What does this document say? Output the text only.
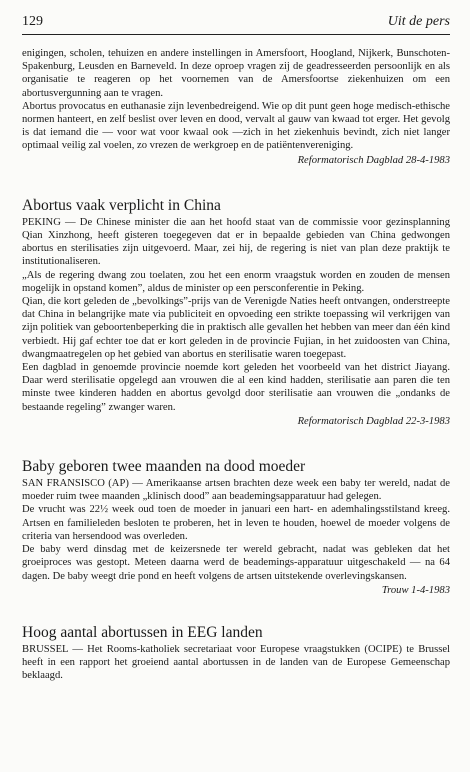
129	Uit de pers

enigingen, scholen, tehuizen en andere instellingen in Amersfoort, Hoogland, Nijkerk, Bunschoten-Spakenburg, Leusden en Barneveld. In deze oproep vragen zij de geadresseerden persoonlijk en als organisatie te reageren op het voornemen van de Amersfoortse ziekenhuizen om een abortusvergunning aan te vragen.

Abortus provocatus en euthanasie zijn levenbedreigend. Wie op dit punt geen hoge medisch-ethische normen hanteert, en zelf beslist over leven en dood, vervalt al gauw van kwaad tot erger. Het gevolg is dat iemand die — voor wat voor kwaal ook —zich in het ziekenhuis bevindt, zich niet langer optimaal veilig zal voelen, zo vrezen de werkgroep en de patiëntenvereniging.

Reformatorisch Dagblad 28-4-1983
Abortus vaak verplicht in China

PEKING — De Chinese minister die aan het hoofd staat van de commissie voor gezinsplanning Qian Xinzhong, heeft gisteren toegegeven dat er in bepaalde gebieden van China gedwongen abortus en sterilisaties zijn uitgevoerd. Maar, zei hij, de regering is niet van plan deze praktijk te institutionaliseren.

„Als de regering dwang zou toelaten, zou het een enorm vraagstuk worden en zouden de mensen mogelijk in opstand komen”, aldus de minister op een persconferentie in Peking.

Qian, die kort geleden de „bevolkings”-prijs van de Verenigde Naties heeft ontvangen, onderstreepte dat China in belangrijke mate via publiciteit en opvoeding een strikte toepassing wil verkrijgen van zijn politiek van geboortenbeperking die in praktisch alle gevallen het hebben van meer dan één kind verbiedt. Hij gaf echter toe dat er kort geleden in de provincie Fujian, in het zuidoosten van China, dwangmaatregelen op het gebied van abortus en sterilisatie waren toegepast.

Een dagblad in genoemde provincie noemde kort geleden het voorbeeld van het district Jiayang. Daar werd sterilisatie opgelegd aan vrouwen die al een kind hadden, sterilisatie aan paren die ten minste twee kinderen hadden en abortus gevolgd door sterilisatie aan vrouwen die „ondanks de bestaande regeling” zwanger waren.

Reformatorisch Dagblad 22-3-1983
Baby geboren twee maanden na dood moeder

SAN FRANSISCO (AP) — Amerikaanse artsen brachten deze week een baby ter wereld, nadat de moeder ruim twee maanden „klinisch dood” aan beademingsapparatuur had gelegen.

De vrucht was 22½ week oud toen de moeder in januari een hart- en ademhalingsstilstand kreeg. Artsen en familieleden besloten te proberen, het in leven te houden, hoewel de moeder volgens de criteria van hersendood was overleden.

De baby werd dinsdag met de keizersnede ter wereld gebracht, nadat was gebleken dat het groeiproces was gestopt. Meteen daarna werd de beademings-apparatuur uitgeschakeld — na 64 dagen. De baby weegt drie pond en heeft volgens de artsen uitstekende overlevingskansen.

Trouw 1-4-1983
Hoog aantal abortussen in EEG landen

BRUSSEL — Het Rooms-katholiek secretariaat voor Europese vraagstukken (OCIPE) te Brussel heeft in een rapport het groeiend aantal abortussen in de landen van de Europese Gemeenschap beklaagd.
